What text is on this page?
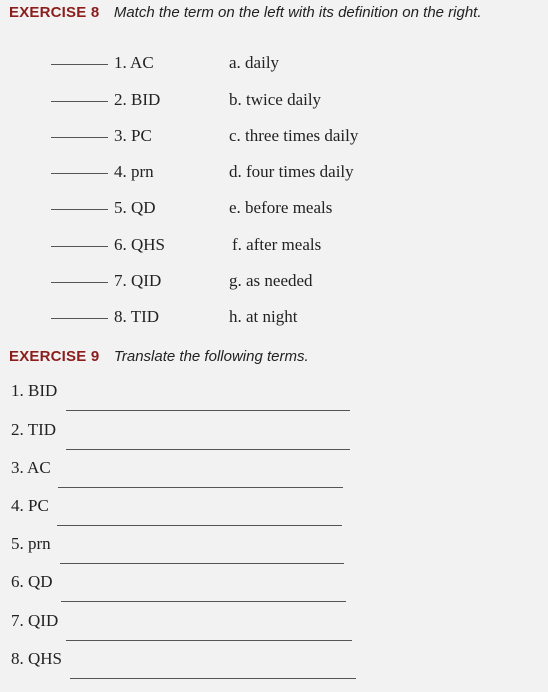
EXERCISE 8 Match the term on the left with its definition on the right.
1. AC	a. daily
2. BID	b. twice daily
3. PC	c. three times daily
4. prn	d. four times daily
5. QD	e. before meals
6. QHS	f. after meals
7. QID	g. as needed
8. TID	h. at night
EXERCISE 9 Translate the following terms.
1. BID
2. TID
3. AC
4. PC
5. prn
6. QD
7. QID
8. QHS
